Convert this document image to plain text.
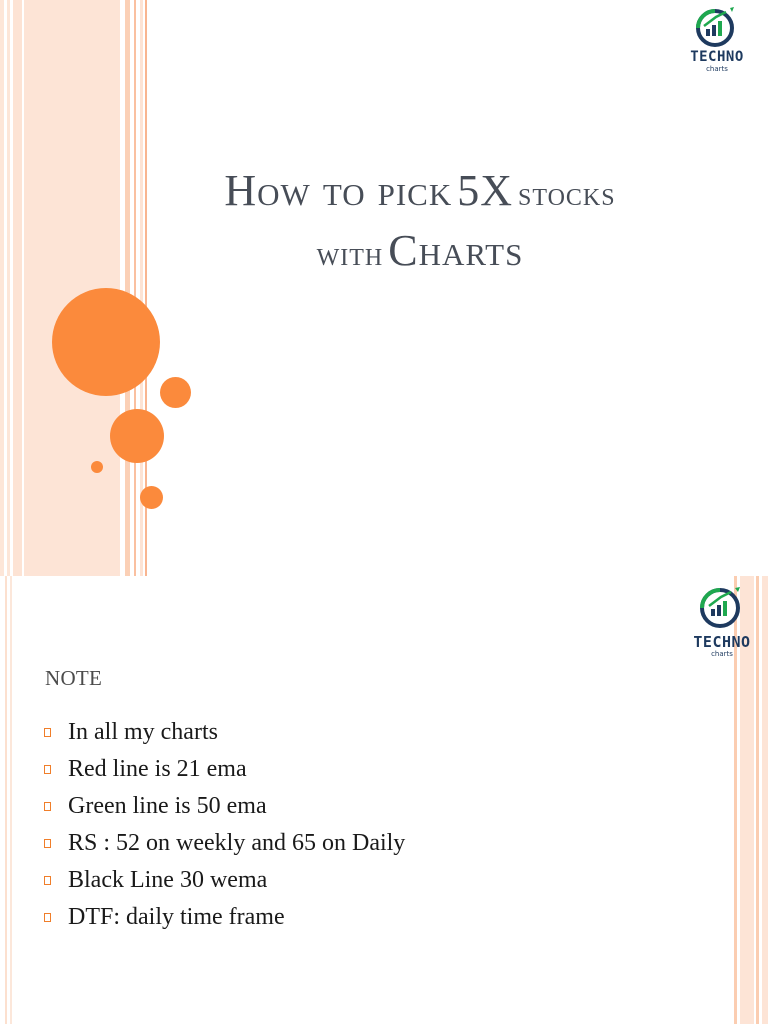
TECHNO
charts
How to pick 5X stocks
with Charts
TECHNO
charts
NOTE
In all my charts
Red line is 21 ema
Green line is 50 ema
RS : 52 on weekly and 65 on Daily
Black Line 30 wema
DTF: daily time frame
